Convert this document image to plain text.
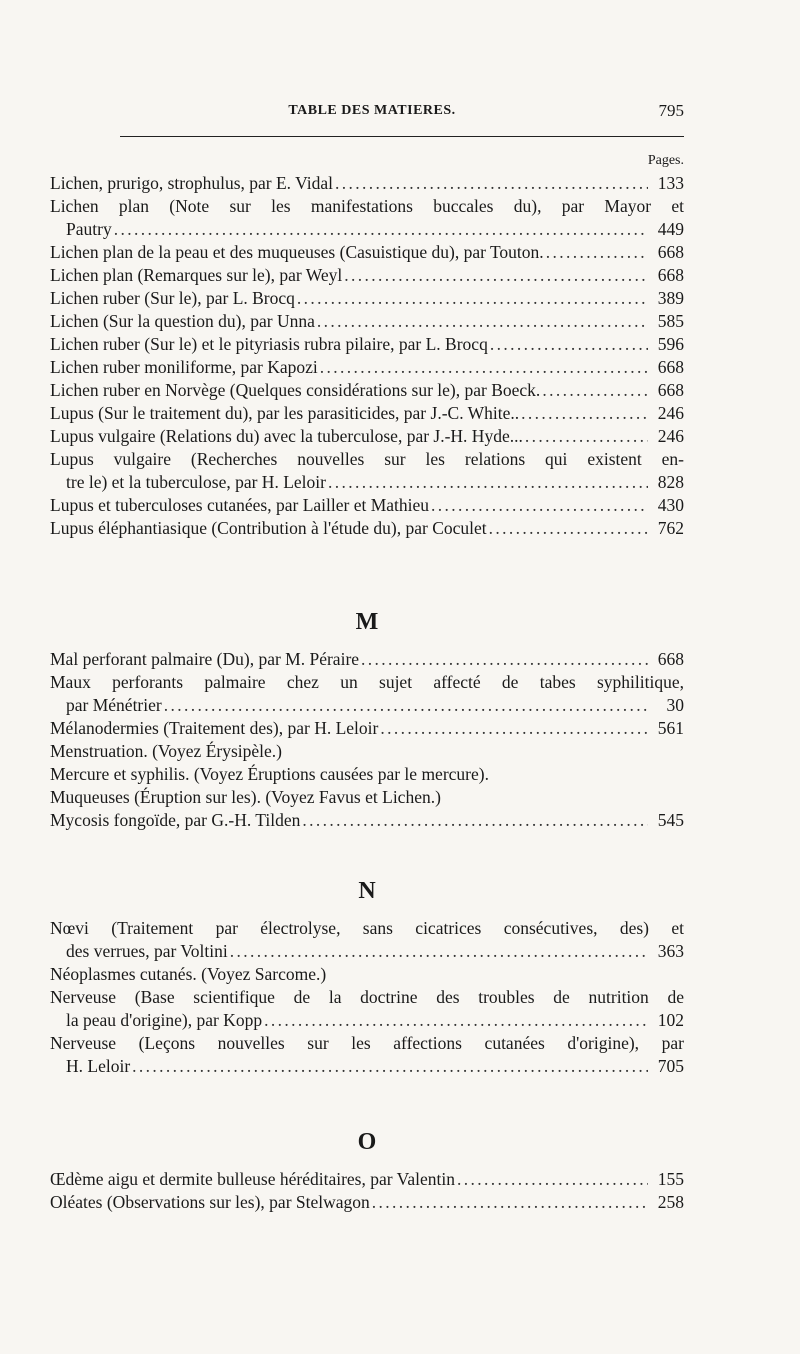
TABLE DES MATIERES.	795
Pages.
Lichen, prurigo, strophulus, par E. Vidal . . .	133
Lichen plan (Note sur les manifestations buccales du), par Mayor et
Pautry . . .	449
Lichen plan de la peau et des muqueuses (Casuistique du), par Touton. . . .	668
Lichen plan (Remarques sur le), par Weyl . . .	668
Lichen ruber (Sur le), par L. Brocq . . .	389
Lichen (Sur la question du), par Unna . . .	585
Lichen ruber (Sur le) et le pityriasis rubra pilaire, par L. Brocq . . .	596
Lichen ruber moniliforme, par Kapozi . . .	668
Lichen ruber en Norvège (Quelques considérations sur le), par Boeck. . . .	668
Lupus (Sur le traitement du), par les parasiticides, par J.-C. White.. . . .	246
Lupus vulgaire (Relations du) avec la tuberculose, par J.-H. Hyde... . . .	246
Lupus vulgaire (Recherches nouvelles sur les relations qui existent en-
tre le) et la tuberculose, par H. Leloir . . .	828
Lupus et tuberculoses cutanées, par Lailler et Mathieu . . .	430
Lupus éléphantiasique (Contribution à l'étude du), par Coculet . . .	762
M
Mal perforant palmaire (Du), par M. Péraire . . .	668
Maux perforants palmaire chez un sujet affecté de tabes syphilitique,
par Ménétrier . . .	30
Mélanodermies (Traitement des), par H. Leloir . . .	561
Menstruation. (Voyez Érysipèle.)
Mercure et syphilis. (Voyez Éruptions causées par le mercure).
Muqueuses (Éruption sur les). (Voyez Favus et Lichen.)
Mycosis fongoïde, par G.-H. Tilden . . .	545
N
Nœvi (Traitement par électrolyse, sans cicatrices consécutives, des) et
des verrues, par Voltini . . .	363
Néoplasmes cutanés. (Voyez Sarcome.)
Nerveuse (Base scientifique de la doctrine des troubles de nutrition de
la peau d'origine), par Kopp . . .	102
Nerveuse (Leçons nouvelles sur les affections cutanées d'origine), par
H. Leloir . . .	705
O
Œdème aigu et dermite bulleuse héréditaires, par Valentin . . .	155
Oléates (Observations sur les), par Stelwagon . . .	258
